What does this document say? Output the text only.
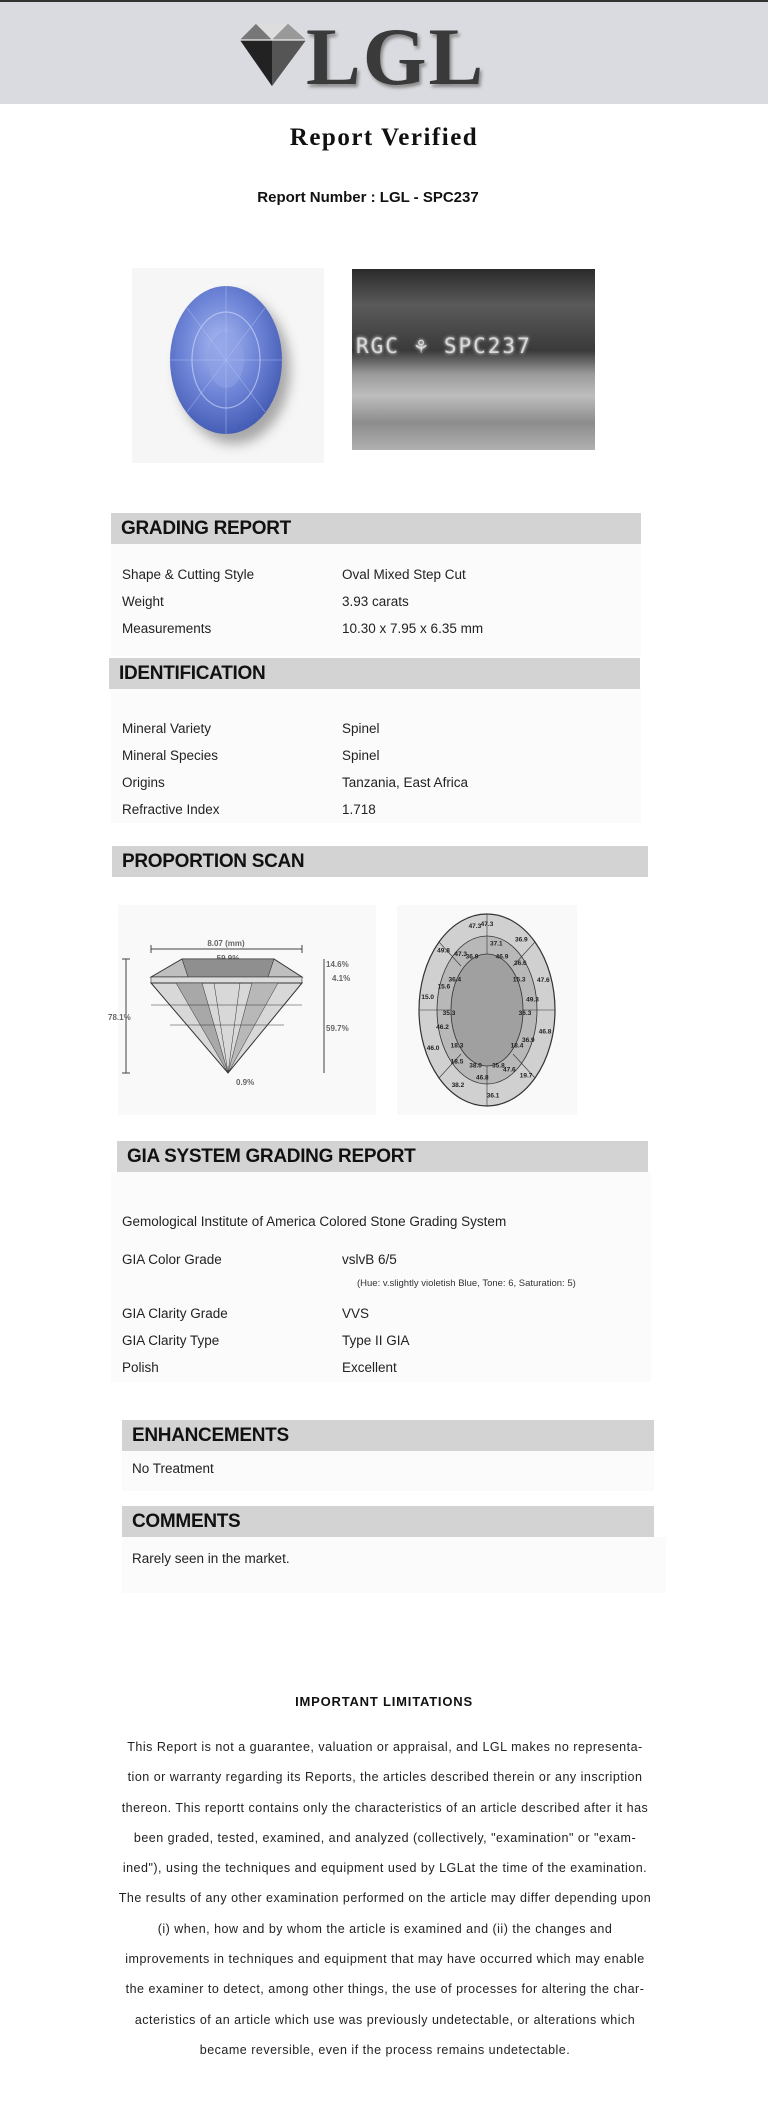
LGL
Report Verified
Report Number : LGL - SPC237
RGC ⚘ SPC237
GRADING REPORT
Shape & Cutting Style	Oval Mixed Step Cut
Weight	3.93 carats
Measurements	10.30 x 7.95 x 6.35 mm
IDENTIFICATION
Mineral Variety	Spinel
Mineral Species	Spinel
Origins	Tanzania, East Africa
Refractive Index	1.718
PROPORTION SCAN
8.07 (mm)
78.1%
14.6%
4.1%
59.7%
0.9%
47.3
37.1
46.9
36.9
36.6
15.3 47.6
49.3
36.3
46.8
36.9
18.4
19.7
47.6
35.8
36.1
46.8
38.0
38.2
18.5
18.3
46.0
46.2
35.3
15.0
15.6
36.4
49.8 47.3
36.9
47.3
GIA SYSTEM GRADING REPORT
Gemological Institute of America Colored Stone Grading System
GIA Color Grade	vslvB 6/5
(Hue: v.slightly violetish Blue, Tone: 6, Saturation: 5)
GIA Clarity Grade	VVS
GIA Clarity Type	Type II GIA
Polish	Excellent
ENHANCEMENTS
No Treatment
COMMENTS
Rarely seen in the market.
IMPORTANT LIMITATIONS
This Report is not a guarantee, valuation or appraisal, and LGL makes no representa-tion or warranty regarding its Reports, the articles described therein or any inscription thereon. This reportt contains only the characteristics of an article described after it has been graded, tested, examined, and analyzed (collectively, "examination" or "exam-ined"), using the techniques and equipment used by LGLat the time of the examination. The results of any other examination performed on the article may differ depending upon (i) when, how and by whom the article is examined and (ii) the changes and improvements in techniques and equipment that may have occurred which may enable the examiner to detect, among other things, the use of processes for altering the char-acteristics of an article which use was previously undetectable, or alterations which became reversible, even if the process remains undetectable.
